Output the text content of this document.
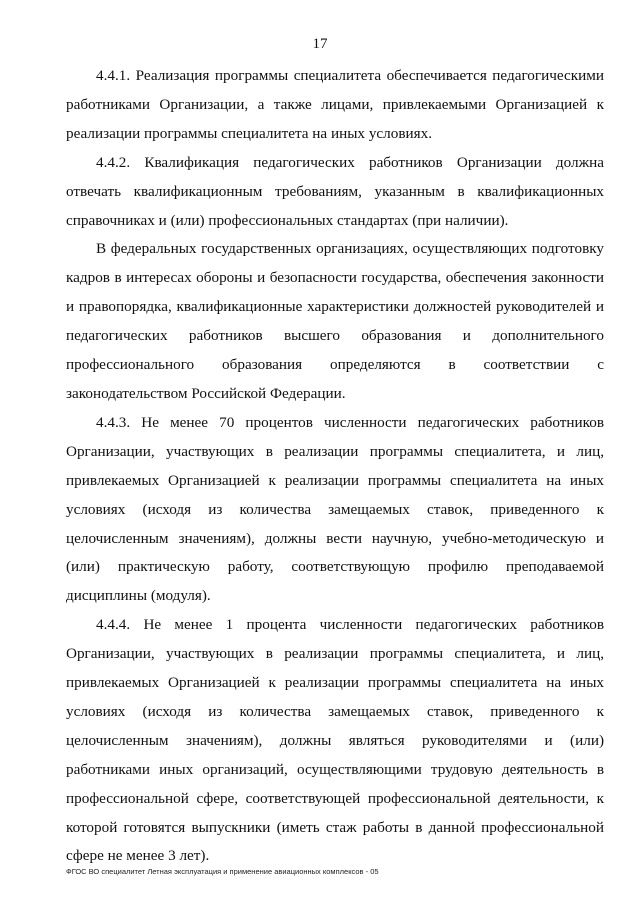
17

4.4.1. Реализация программы специалитета обеспечивается педагогическими работниками Организации, а также лицами, привлекаемыми Организацией к реализации программы специалитета на иных условиях.

4.4.2. Квалификация педагогических работников Организации должна отвечать квалификационным требованиям, указанным в квалификационных справочниках и (или) профессиональных стандартах (при наличии).

В федеральных государственных организациях, осуществляющих подготовку кадров в интересах обороны и безопасности государства, обеспечения законности и правопорядка, квалификационные характеристики должностей руководителей и педагогических работников высшего образования и дополнительного профессионального образования определяются в соответствии с законодательством Российской Федерации.

4.4.3. Не менее 70 процентов численности педагогических работников Организации, участвующих в реализации программы специалитета, и лиц, привлекаемых Организацией к реализации программы специалитета на иных условиях (исходя из количества замещаемых ставок, приведенного к целочисленным значениям), должны вести научную, учебно-методическую и (или) практическую работу, соответствующую профилю преподаваемой дисциплины (модуля).

4.4.4. Не менее 1 процента численности педагогических работников Организации, участвующих в реализации программы специалитета, и лиц, привлекаемых Организацией к реализации программы специалитета на иных условиях (исходя из количества замещаемых ставок, приведенного к целочисленным значениям), должны являться руководителями и (или) работниками иных организаций, осуществляющими трудовую деятельность в профессиональной сфере, соответствующей профессиональной деятельности, к которой готовятся выпускники (иметь стаж работы в данной профессиональной сфере не менее 3 лет).

ФГОС ВО специалитет Летная эксплуатация и применение авиационных комплексов - 05
